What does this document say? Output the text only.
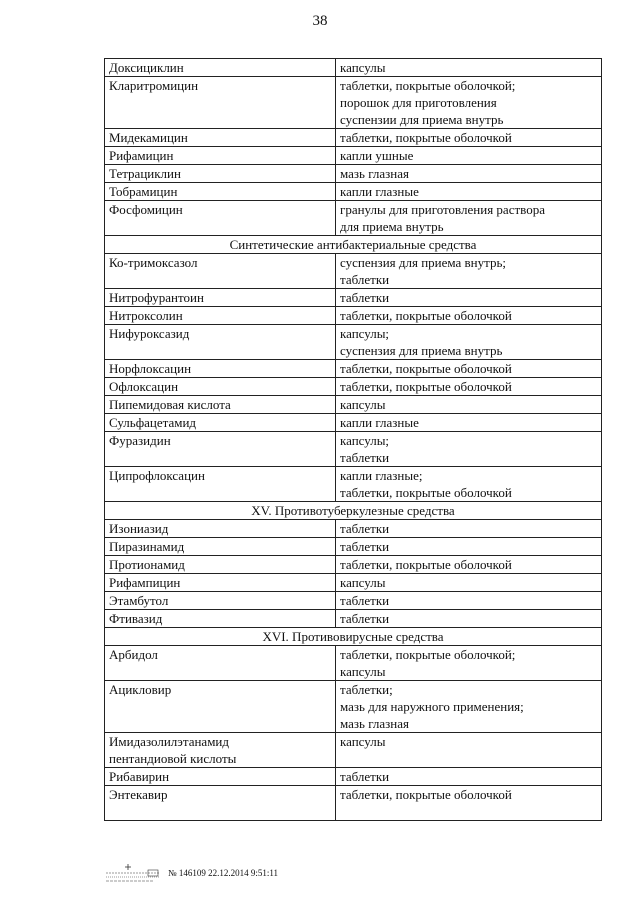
38
Доксициклин	капсулы

Кларитромицин	таблетки, покрытые оболочкой;
порошок для приготовления
суспензии для приема внутрь

Мидекамицин	таблетки, покрытые оболочкой

Рифамицин	капли ушные

Тетрациклин	мазь глазная

Тобрамицин	капли глазные

Фосфомицин	гранулы для приготовления раствора
для приема внутрь

Синтетические антибактериальные средства	

Ко-тримоксазол	суспензия для приема внутрь;
таблетки

Нитрофурантоин	таблетки

Нитроксолин	таблетки, покрытые оболочкой

Нифуроксазид	капсулы;
суспензия для приема внутрь

Норфлоксацин	таблетки, покрытые оболочкой

Офлоксацин	таблетки, покрытые оболочкой

Пипемидовая кислота	капсулы

Сульфацетамид	капли глазные

Фуразидин	капсулы;
таблетки

Ципрофлоксацин	капли глазные;
таблетки, покрытые оболочкой

XV. Противотуберкулезные средства	

Изониазид	таблетки

Пиразинамид	таблетки

Протионамид	таблетки, покрытые оболочкой

Рифампицин	капсулы

Этамбутол	таблетки

Фтивазид	таблетки

XVI. Противовирусные средства	

Арбидол	таблетки, покрытые оболочкой;
капсулы

Ацикловир	таблетки;
мазь для наружного применения;
мазь глазная

Имидазолилэтанамид
пентандиовой кислоты	капсулы

Рибавирин	таблетки

Энтекавир	таблетки, покрытые оболочкой

№ 146109 22.12.2014 9:51:11
